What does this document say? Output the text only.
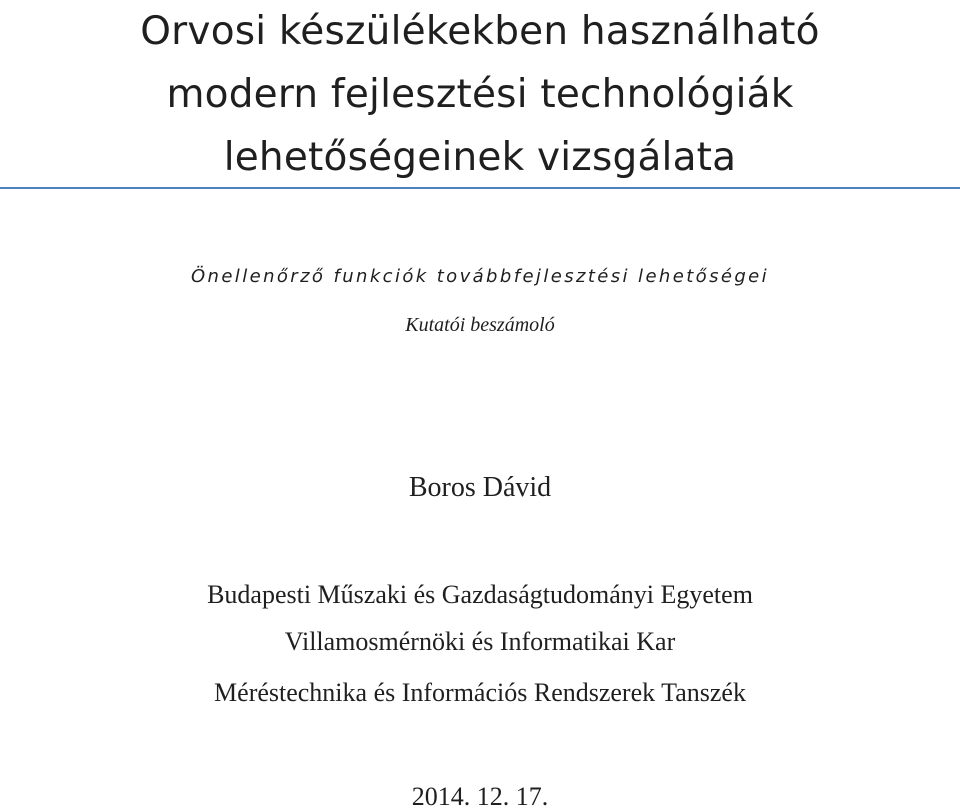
Orvosi készülékekben használható
modern fejlesztési technológiák
lehetőségeinek vizsgálata
Önellenőrző funkciók továbbfejlesztési lehetőségei
Kutatói beszámoló
Boros Dávid
Budapesti Műszaki és Gazdaságtudományi Egyetem
Villamosmérnöki és Informatikai Kar
Méréstechnika és Információs Rendszerek Tanszék
2014. 12. 17.
